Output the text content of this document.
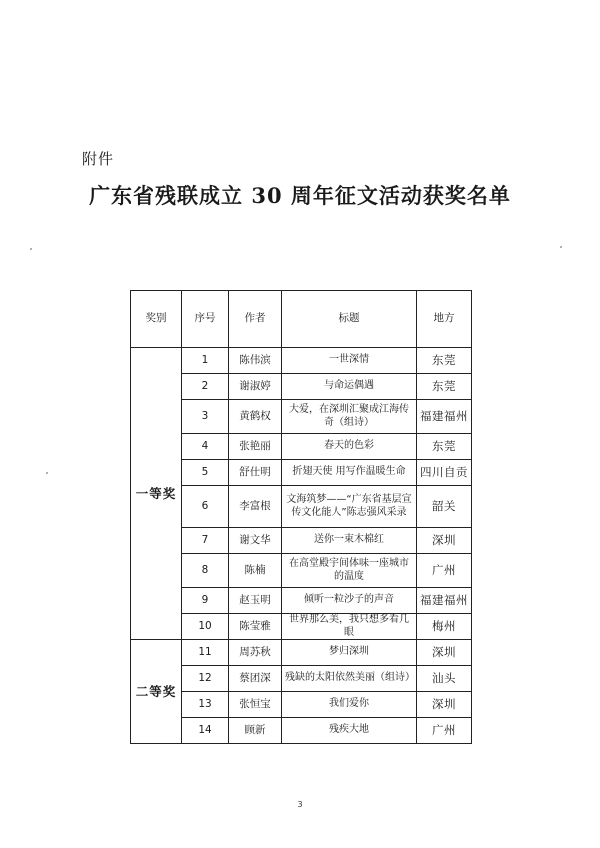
附件
广东省残联成立 30 周年征文活动获奖名单
奖别	序号	作者	标题	地方
一等奖	1	陈伟滨	一世深情	东莞
	2	谢淑婷	与命运偶遇	东莞
	3	黄鹤权	大爱，在深圳汇聚成江海传奇（组诗）	福建福州
	4	张艳丽	春天的色彩	东莞
	5	舒仕明	折翅天使 用写作温暖生命	四川自贡
	6	李富根	文海筑梦——“广东省基层宣传文化能人”陈志强风采录	韶关
	7	谢文华	送你一束木棉红	深圳
	8	陈楠	在高堂殿宇间体味一座城市的温度	广州
	9	赵玉明	倾听一粒沙子的声音	福建福州
	10	陈莹雅	世界那么美，我只想多看几眼	梅州
二等奖	11	周苏秋	梦归深圳	深圳
	12	蔡团深	残缺的太阳依然美丽（组诗）	汕头
	13	张恒宝	我们爱你	深圳
	14	顾新	残疾大地	广州
3
